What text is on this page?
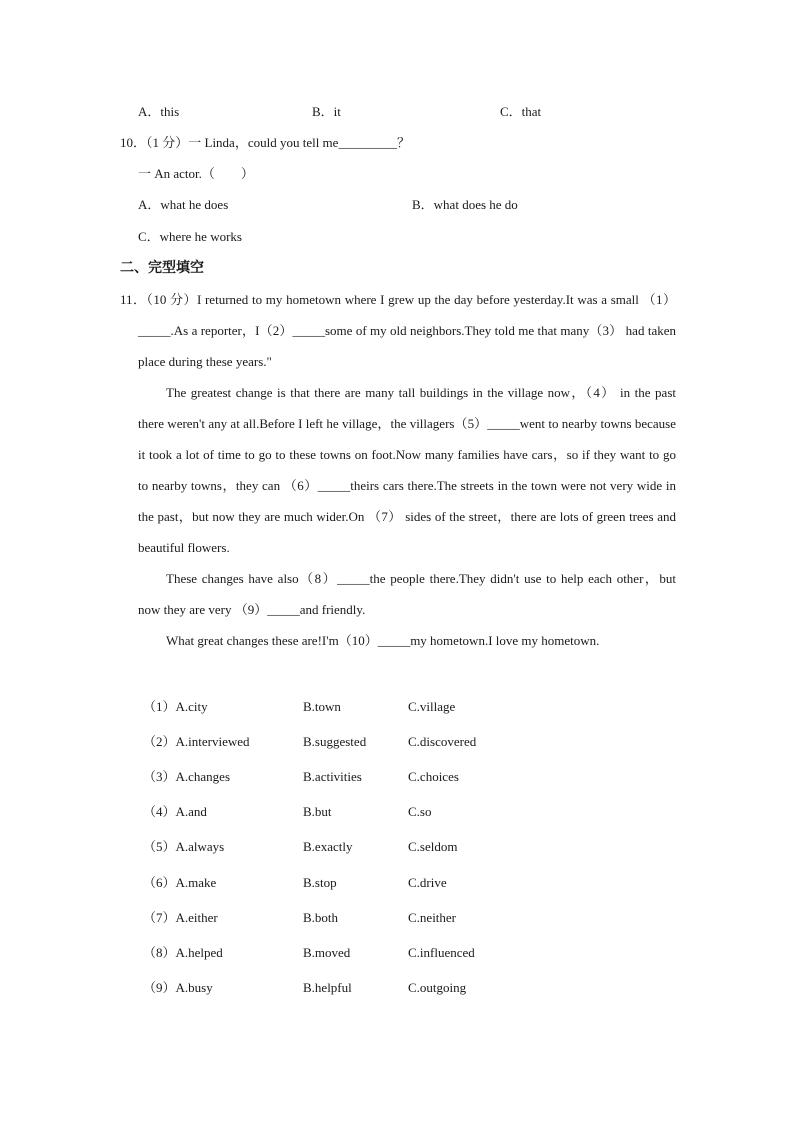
A．this	B．it	C．that
10．（1 分）一 Linda，could you tell me_________？
一 An actor.（　　）
A．what he does	B．what does he do
C．where he works
二、完型填空

11．（10 分）I returned to my hometown where I grew up the day before yesterday.It was a small （1）_____.As a reporter，I（2）_____some of my old neighbors.They told me that many（3） had taken place during these years."

The greatest change is that there are many tall buildings in the village now，（4） in the past there weren't any at all.Before I left he village，the villagers（5）_____went to nearby towns because it took a lot of time to go to these towns on foot.Now many families have cars，so if they want to go to nearby towns，they can （6）_____theirs cars there.The streets in the town were not very wide in the past，but now they are much wider.On （7） sides of the street，there are lots of green trees and beautiful flowers.

These changes have also（8）_____the people there.They didn't use to help each other，but now they are very （9）_____and friendly.

What great changes these are!I'm（10）_____my hometown.I love my hometown.

（1）A.city	B.town	C.village
（2）A.interviewed	B.suggested	C.discovered
（3）A.changes	B.activities	C.choices
（4）A.and	B.but	C.so
（5）A.always	B.exactly	C.seldom
（6）A.make	B.stop	C.drive
（7）A.either	B.both	C.neither
（8）A.helped	B.moved	C.influenced
（9）A.busy	B.helpful	C.outgoing
